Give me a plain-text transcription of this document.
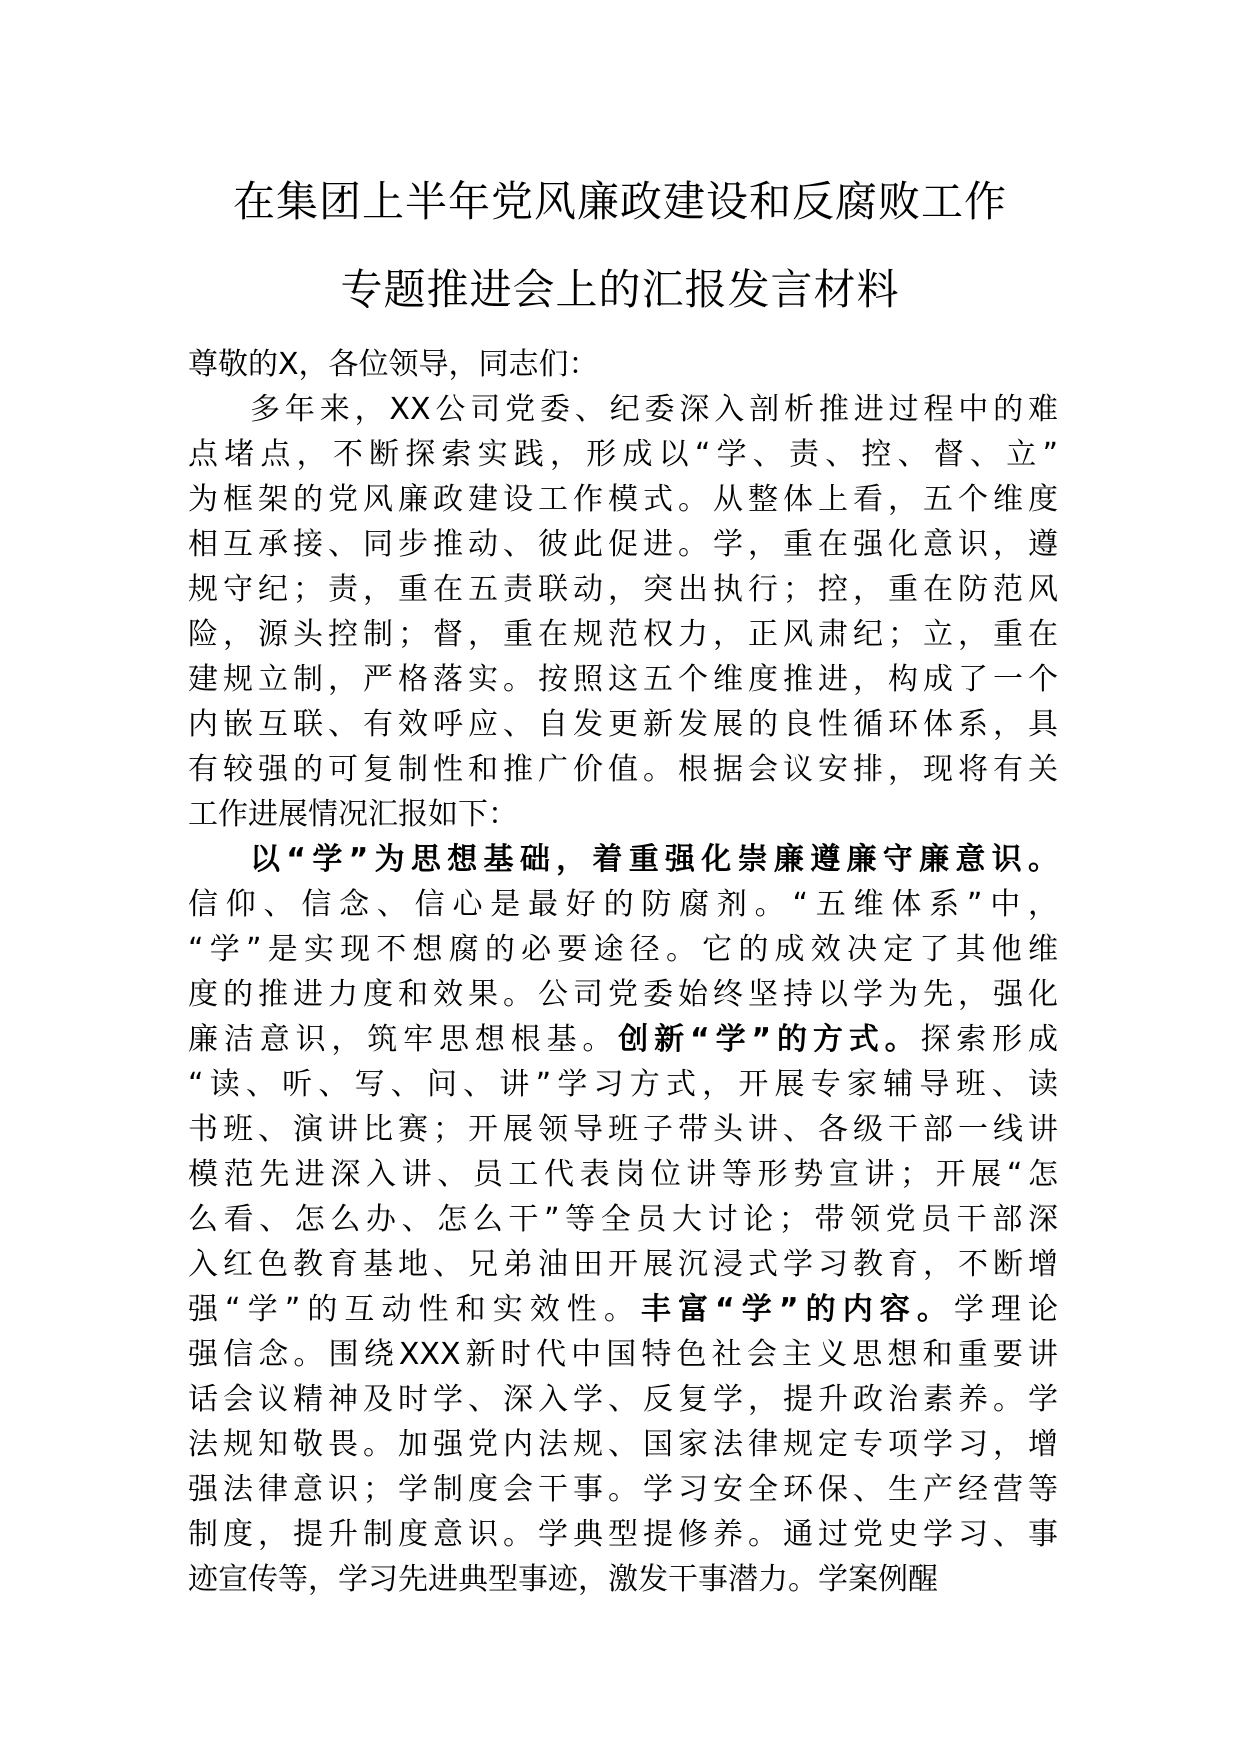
在集团上半年党风廉政建设和反腐败工作
专题推进会上的汇报发言材料
尊敬的X，各位领导，同志们：
多年来，XX公司党委、纪委深入剖析推进过程中的难
点堵点，不断探索实践，形成以“学、责、控、督、立”
为框架的党风廉政建设工作模式。从整体上看，五个维度
相互承接、同步推动、彼此促进。学，重在强化意识，遵
规守纪；责，重在五责联动，突出执行；控，重在防范风
险，源头控制；督，重在规范权力，正风肃纪；立，重在
建规立制，严格落实。按照这五个维度推进，构成了一个
内嵌互联、有效呼应、自发更新发展的良性循环体系，具
有较强的可复制性和推广价值。根据会议安排，现将有关
工作进展情况汇报如下：
以“学”为思想基础，着重强化崇廉遵廉守廉意识。
信仰、信念、信心是最好的防腐剂。“五维体系”中，
“学”是实现不想腐的必要途径。它的成效决定了其他维
度的推进力度和效果。公司党委始终坚持以学为先，强化
廉洁意识，筑牢思想根基。创新“学”的方式。探索形成
“读、听、写、问、讲”学习方式，开展专家辅导班、读
书班、演讲比赛；开展领导班子带头讲、各级干部一线讲
模范先进深入讲、员工代表岗位讲等形势宣讲；开展“怎
么看、怎么办、怎么干”等全员大讨论；带领党员干部深
入红色教育基地、兄弟油田开展沉浸式学习教育，不断增
强“学”的互动性和实效性。丰富“学”的内容。学理论
强信念。围绕XXX新时代中国特色社会主义思想和重要讲
话会议精神及时学、深入学、反复学，提升政治素养。学
法规知敬畏。加强党内法规、国家法律规定专项学习，增
强法律意识；学制度会干事。学习安全环保、生产经营等
制度，提升制度意识。学典型提修养。通过党史学习、事
迹宣传等，学习先进典型事迹，激发干事潜力。学案例醒
